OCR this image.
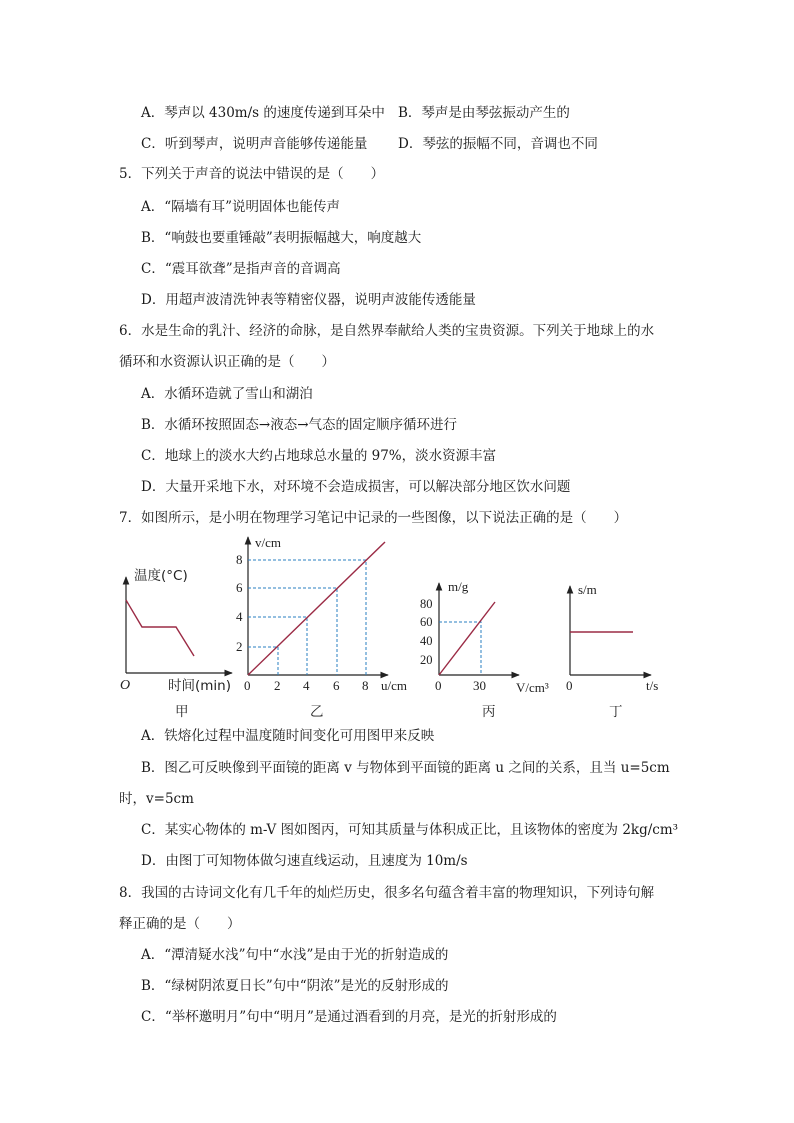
A．琴声以 430m/s 的速度传递到耳朵中 B．琴声是由琴弦振动产生的
C．听到琴声，说明声音能够传递能量 D．琴弦的振幅不同，音调也不同
5．下列关于声音的说法中错误的是（　　）
A．“隔墙有耳”说明固体也能传声
B．“响鼓也要重锤敲”表明振幅越大，响度越大
C．“震耳欲聋”是指声音的音调高
D．用超声波清洗钟表等精密仪器，说明声波能传透能量
6．水是生命的乳汁、经济的命脉，是自然界奉献给人类的宝贵资源。下列关于地球上的水
循环和水资源认识正确的是（　　）
A．水循环造就了雪山和湖泊
B．水循环按照固态→液态→气态的固定顺序循环进行
C．地球上的淡水大约占地球总水量的 97%，淡水资源丰富
D．大量开采地下水，对环境不会造成损害，可以解决部分地区饮水问题
7．如图所示，是小明在物理学习笔记中记录的一些图像，以下说法正确的是（　　）
温度(°C)
O	时间(min)
甲
v/cm
8
6
4
2
0 2 4 6 8 u/cm
乙
m/g
80
60
40
20
0 30 V/cm³
丙
s/m
0	t/s
丁
A．铁熔化过程中温度随时间变化可用图甲来反映
B．图乙可反映像到平面镜的距离 v 与物体到平面镜的距离 u 之间的关系，且当 u=5cm
时，v=5cm
C．某实心物体的 m-V 图如图丙，可知其质量与体积成正比，且该物体的密度为 2kg/cm³
D．由图丁可知物体做匀速直线运动，且速度为 10m/s
8．我国的古诗词文化有几千年的灿烂历史，很多名句蕴含着丰富的物理知识，下列诗句解
释正确的是（　　）
A．“潭清疑水浅”句中“水浅”是由于光的折射造成的
B．“绿树阴浓夏日长”句中“阴浓”是光的反射形成的
C．“举杯邀明月”句中“明月”是通过酒看到的月亮，是光的折射形成的
